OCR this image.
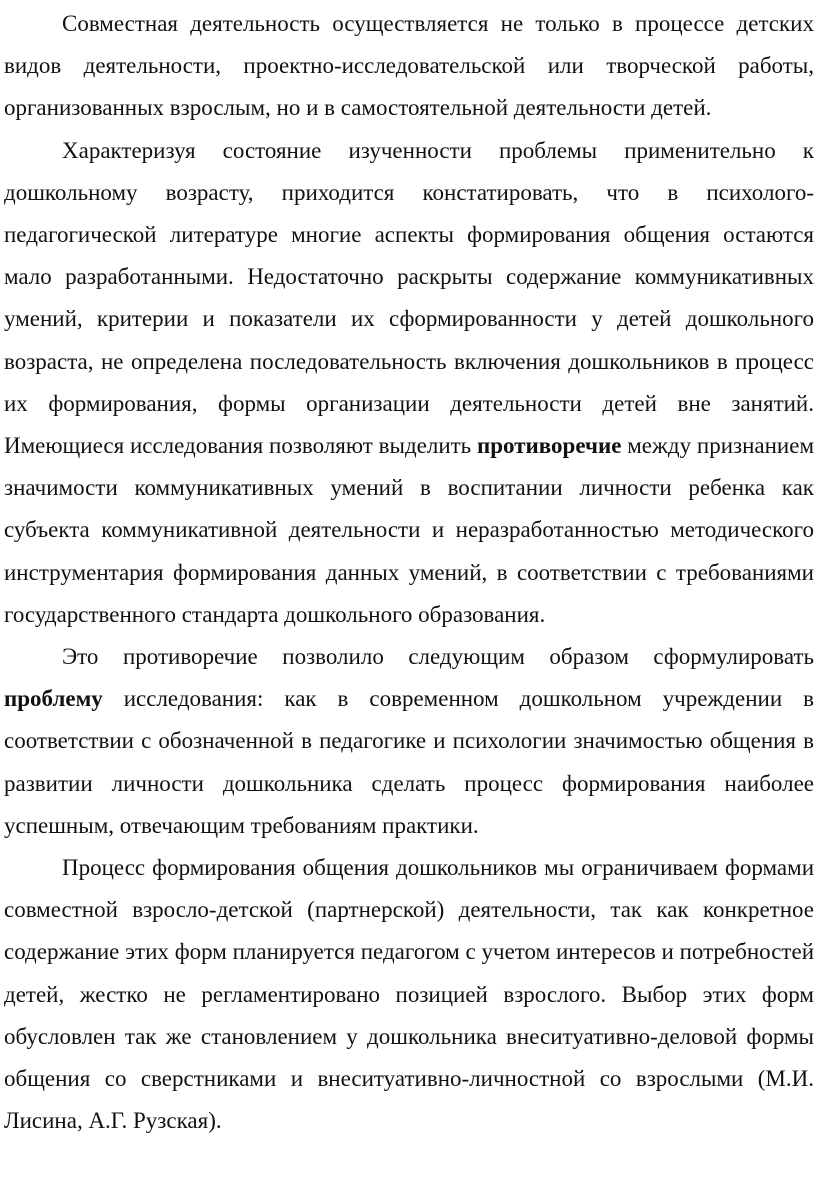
Совместная деятельность осуществляется не только в процессе детских видов деятельности, проектно-исследовательской или творческой работы, организованных взрослым, но и в самостоятельной деятельности детей.

Характеризуя состояние изученности проблемы применительно к дошкольному возрасту, приходится констатировать, что в психолого-педагогической литературе многие аспекты формирования общения остаются мало разработанными. Недостаточно раскрыты содержание коммуникативных умений, критерии и показатели их сформированности у детей дошкольного возраста, не определена последовательность включения дошкольников в процесс их формирования, формы организации деятельности детей вне занятий. Имеющиеся исследования позволяют выделить противоречие между признанием значимости коммуникативных умений в воспитании личности ребенка как субъекта коммуникативной деятельности и неразработанностью методического инструментария формирования данных умений, в соответствии с требованиями государственного стандарта дошкольного образования.

Это противоречие позволило следующим образом сформулировать проблему исследования: как в современном дошкольном учреждении в соответствии с обозначенной в педагогике и психологии значимостью общения в развитии личности дошкольника сделать процесс формирования наиболее успешным, отвечающим требованиям практики.

Процесс формирования общения дошкольников мы ограничиваем формами совместной взросло-детской (партнерской) деятельности, так как конкретное содержание этих форм планируется педагогом с учетом интересов и потребностей детей, жестко не регламентировано позицией взрослого. Выбор этих форм обусловлен так же становлением у дошкольника внеситуативно-деловой формы общения со сверстниками и внеситуативно-личностной со взрослыми (М.И. Лисина, А.Г. Рузская).
